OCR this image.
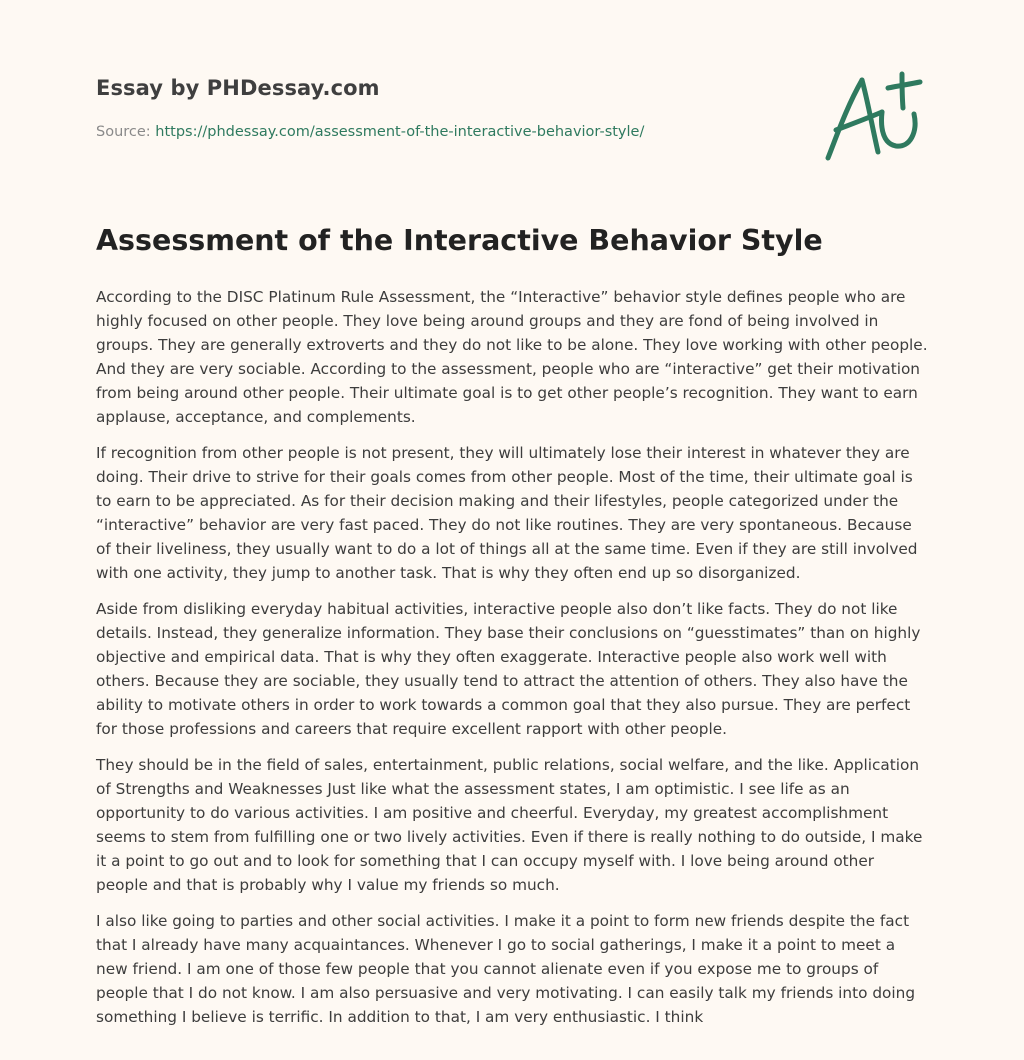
Essay by PHDessay.com
Source: https://phdessay.com/assessment-of-the-interactive-behavior-style/
Assessment of the Interactive Behavior Style

According to the DISC Platinum Rule Assessment, the “Interactive” behavior style defines people who are highly focused on other people. They love being around groups and they are fond of being involved in groups. They are generally extroverts and they do not like to be alone. They love working with other people. And they are very sociable. According to the assessment, people who are “interactive” get their motivation from being around other people. Their ultimate goal is to get other people’s recognition. They want to earn applause, acceptance, and complements.

If recognition from other people is not present, they will ultimately lose their interest in whatever they are doing. Their drive to strive for their goals comes from other people. Most of the time, their ultimate goal is to earn to be appreciated. As for their decision making and their lifestyles, people categorized under the “interactive” behavior are very fast paced. They do not like routines. They are very spontaneous. Because of their liveliness, they usually want to do a lot of things all at the same time. Even if they are still involved with one activity, they jump to another task. That is why they often end up so disorganized.

Aside from disliking everyday habitual activities, interactive people also don’t like facts. They do not like details. Instead, they generalize information. They base their conclusions on “guesstimates” than on highly objective and empirical data. That is why they often exaggerate. Interactive people also work well with others. Because they are sociable, they usually tend to attract the attention of others. They also have the ability to motivate others in order to work towards a common goal that they also pursue. They are perfect for those professions and careers that require excellent rapport with other people.

They should be in the field of sales, entertainment, public relations, social welfare, and the like. Application of Strengths and Weaknesses Just like what the assessment states, I am optimistic. I see life as an opportunity to do various activities. I am positive and cheerful. Everyday, my greatest accomplishment seems to stem from fulfilling one or two lively activities. Even if there is really nothing to do outside, I make it a point to go out and to look for something that I can occupy myself with. I love being around other people and that is probably why I value my friends so much.

I also like going to parties and other social activities. I make it a point to form new friends despite the fact that I already have many acquaintances. Whenever I go to social gatherings, I make it a point to meet a new friend. I am one of those few people that you cannot alienate even if you expose me to groups of people that I do not know. I am also persuasive and very motivating. I can easily talk my friends into doing something I believe is terrific. In addition to that, I am very enthusiastic. I think
